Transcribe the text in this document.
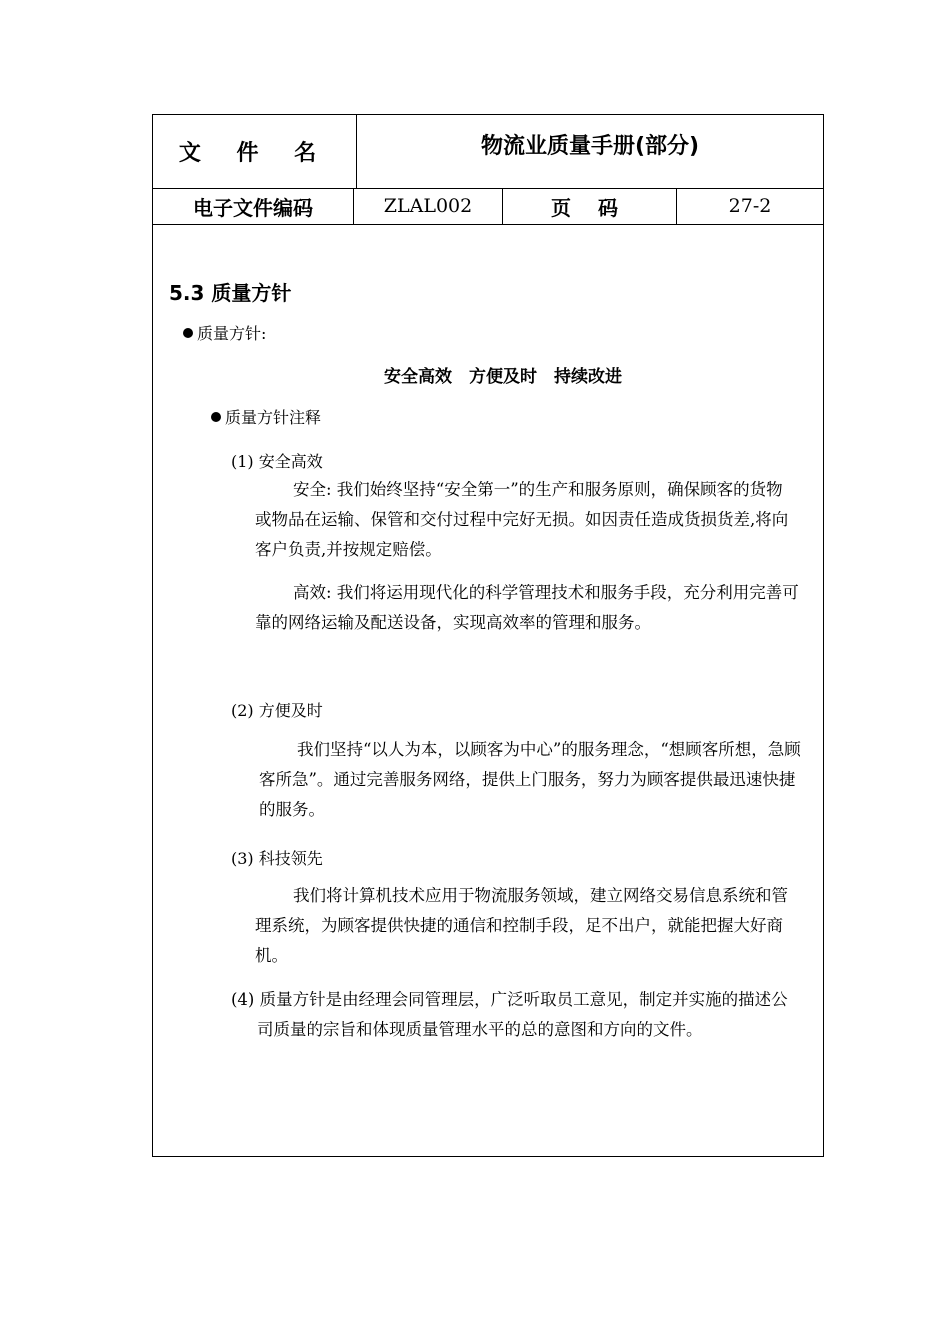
文 件 名	物流业质量手册(部分)
电子文件编码	ZLAL002	页 码	27-2
5.3 质量方针
质量方针:
安全高效　方便及时　持续改进
质量方针注释
(1) 安全高效
安全: 我们始终坚持“安全第一”的生产和服务原则，确保顾客的货物或物品在运输、保管和交付过程中完好无损。如因责任造成货损货差,将向客户负责,并按规定赔偿。
高效: 我们将运用现代化的科学管理技术和服务手段，充分利用完善可靠的网络运输及配送设备，实现高效率的管理和服务。
(2) 方便及时
我们坚持“以人为本，以顾客为中心”的服务理念，“想顾客所想，急顾客所急”。通过完善服务网络，提供上门服务，努力为顾客提供最迅速快捷的服务。
(3) 科技领先
我们将计算机技术应用于物流服务领域，建立网络交易信息系统和管理系统，为顾客提供快捷的通信和控制手段，足不出户，就能把握大好商机。
(4) 质量方针是由经理会同管理层，广泛听取员工意见，制定并实施的描述公司质量的宗旨和体现质量管理水平的总的意图和方向的文件。
